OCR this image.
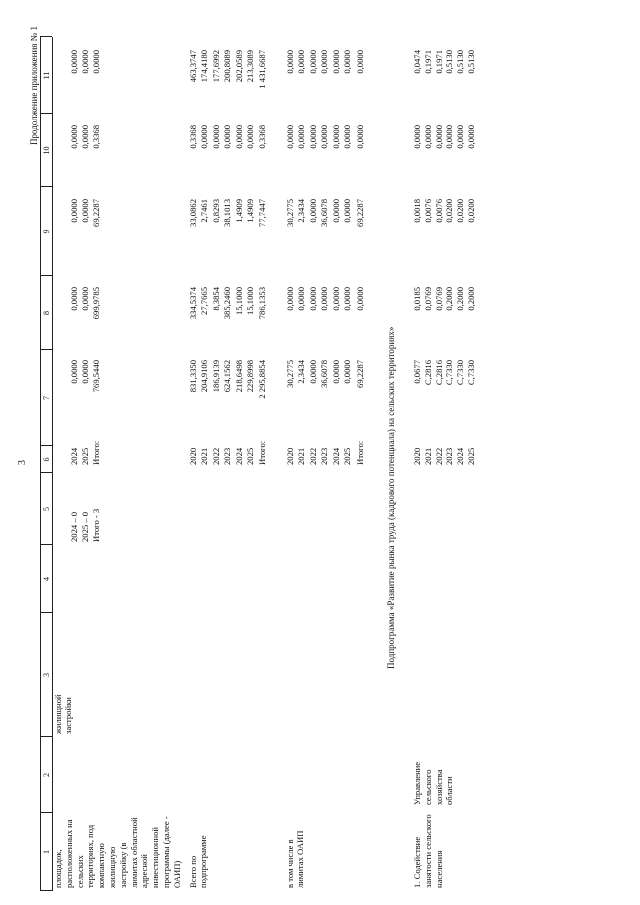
3
Продолжение приложения № 1
1
2
3
4
5
6
7
8
9
10
11
площадок, расположенных на сельских территориях, под компактную жилищную застройку (в лимитах областной адресной инвестиционной программы (далее - ОАИП)
жилищной застройки
2024 – 0
2024
0,0000
0,0000
0,0000
0,0000
0,0000
2025 – 0
2025
0,0000
0,0000
0,0000
0,0000
0,0000
Итого - 3
Итого:
769,5440
699,9785
69,2287
0,3368
0,0000
Всего по подпрограмме
2020
831,3350
334,5374
33,0862
0,3368
463,3747
2021
204,9106
27,7665
2,7461
0,0000
174,4180
2022
186,9139
8,3854
0,8293
0,0000
177,6992
2023
624,1562
385,2460
38,1013
0,0000
200,8089
2024
218,6498
15,1000
1,4909
0,0000
202,0589
2025
229,8998
15,1000
1,4909
0,0000
213,3089
Итого:
2 295,8854
786,1353
77,7447
0,3368
1 431,6687
в том числе в лимитах ОАИП
2020
30,2775
0,0000
30,2775
0,0000
0,0000
2021
2,3434
0,0000
2,3434
0,0000
0,0000
2022
0,0000
0,0000
0,0000
0,0000
0,0000
2023
36,6078
0,0000
36,6078
0,0000
0,0000
2024
0,0000
0,0000
0,0000
0,0000
0,0000
2025
0,0000
0,0000
0,0000
0,0000
0,0000
Итого:
69,2287
0,0000
69,2287
0,0000
0,0000
Подпрограмма «Развитие рынка труда (кадрового потенциала) на сельских территориях»
1. Содействие занятости сельского населения
Управление сельского хозяйства области
2020
0,0677
0,0185
0,0018
0,0000
0,0474
2021
С,2816
0,0769
0,0076
0,0000
0,1971
2022
С,2816
0,0769
0,0076
0,0000
0,1971
2023
С,7330
0,2000
0,0200
0,0000
0,5130
2024
С,7330
0,2000
0,0200
0,0000
0,5130
2025
С,7330
0,2000
0,0200
0,0000
0,5130
